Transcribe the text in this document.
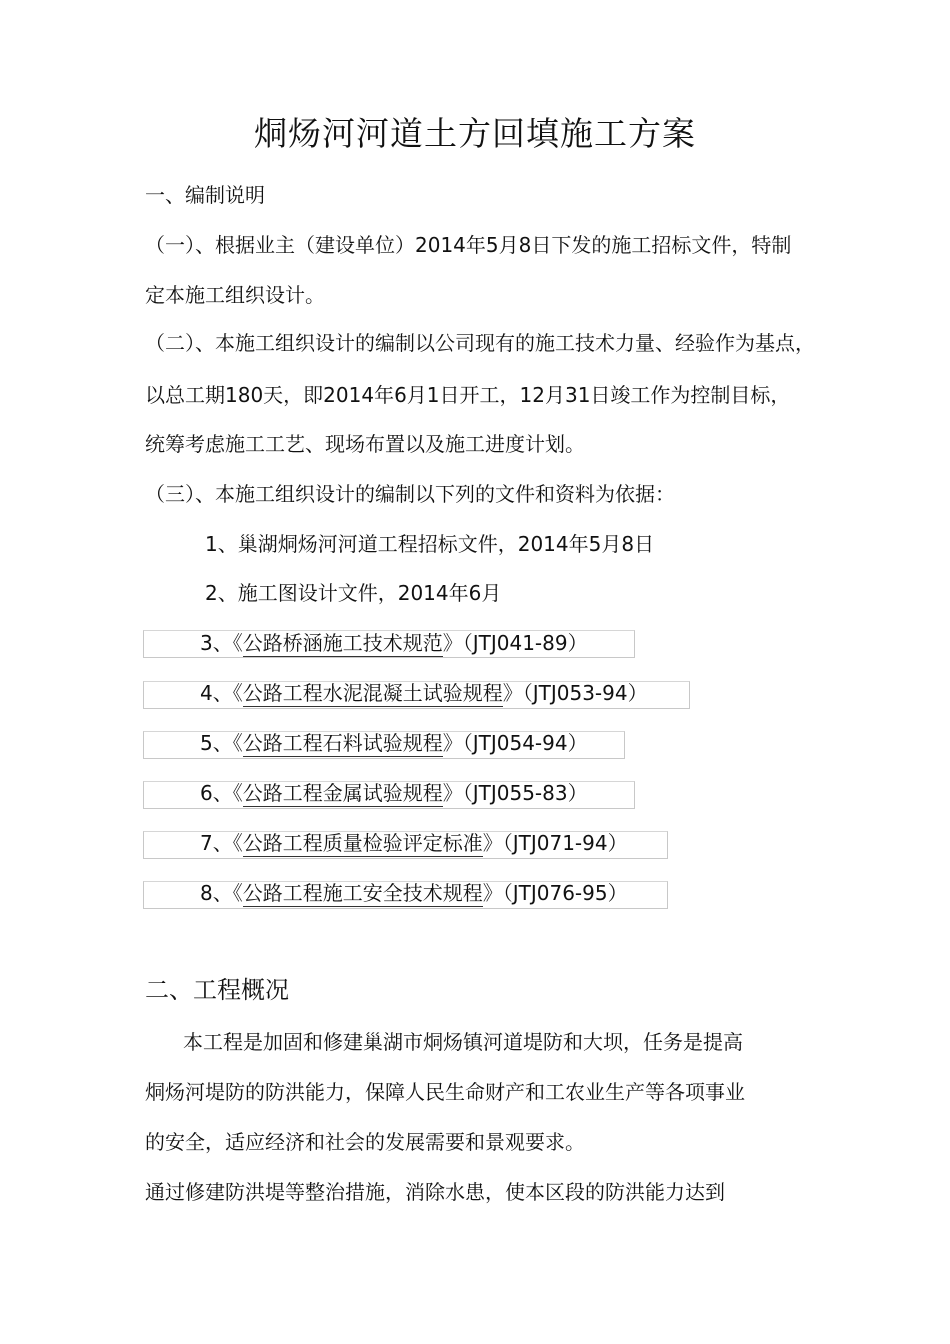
烔炀河河道土方回填施工方案
一、编制说明
（一）、根据业主（建设单位）2014年5月8日下发的施工招标文件，特制
定本施工组织设计。
（二）、本施工组织设计的编制以公司现有的施工技术力量、经验作为基点，
以总工期180天，即2014年6月1日开工，12月31日竣工作为控制目标，
统筹考虑施工工艺、现场布置以及施工进度计划。
（三）、本施工组织设计的编制以下列的文件和资料为依据：
1、巢湖烔炀河河道工程招标文件，2014年5月8日
2、施工图设计文件，2014年6月
3、《公路桥涵施工技术规范》（JTJ041-89）
4、《公路工程水泥混凝土试验规程》（JTJ053-94）
5、《公路工程石料试验规程》（JTJ054-94）
6、《公路工程金属试验规程》（JTJ055-83）
7、《公路工程质量检验评定标准》（JTJ071-94）
8、《公路工程施工安全技术规程》（JTJ076-95）
二、工程概况
本工程是加固和修建巢湖市烔炀镇河道堤防和大坝，任务是提高
烔炀河堤防的防洪能力，保障人民生命财产和工农业生产等各项事业
的安全，适应经济和社会的发展需要和景观要求。
通过修建防洪堤等整治措施，消除水患，使本区段的防洪能力达到
